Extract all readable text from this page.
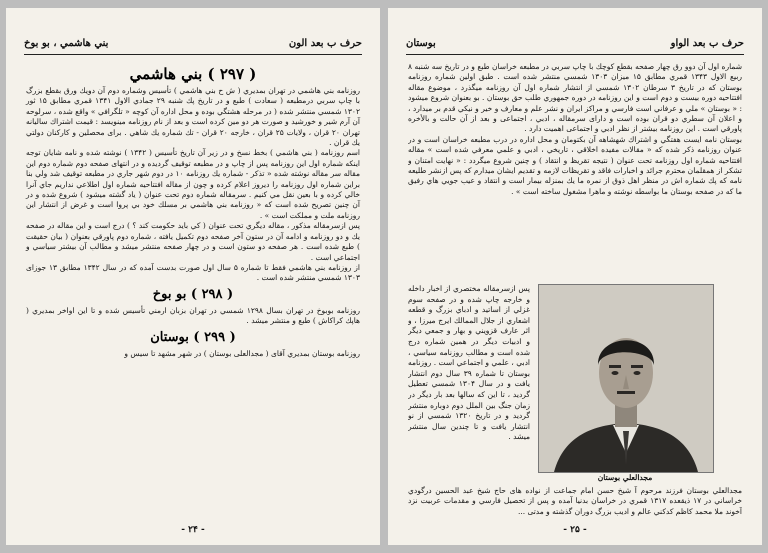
حرف ب بعد الون
بني هاشمي ، بو بوخ
( ۲۹۷ ) بني هاشمي

روزنامه بني هاشمي در تهران بمديري ( ش ح بني هاشمي ) تأسيس وشماره دوم آن دويك ورق بقطع بزرگ با چاپ سربي درمطبعه ( سعادت ) طبع و در تاريخ پك شنبه ۲۹ جمادي الاول ۱۳۴۱ قمري مطابق ۱۵ ثور ۱۳۰۲ شمسي منتشر شده ( در مرحله هشتگي بوده و محل اداره آن كوچه « تلگرافي » واقع شده ، سرلوحه آن آرم شير و خورشيد و صورت هر دو مين كرده است و بعد از نام روزنامه مينويسد : قيمت اشتراك ساليانه تهران ۲۰ قران ، ولايات ۲۵ قران ، خارجه ۲۰ قران - تك شماره يك شاهي . برای محصلين و كاركنان دولتي يك قران .

اسم روزنامه ( بني هاشمي ) بخط نسخ و در زير آن تاريخ تأسيس ( ۱۳۴۲ ) نوشته شده و نامه شايان توجه اينكه شماره اول اين روزنامه پس از چاپ و در مطبعه توقيف گرديده و در انتهاى صفحه دوم شماره دوم اين مقاله سر مقاله نوشته شده « تذكر - شماره يك روزنامه ۱۰ در دوم شهر جاري در مطبعه توقيف شد ولي بنا براين شماره اول روزنامه را ديروز اعلام كرده و چون از مقاله افتتاحيه شماره اول اطلاعي نداريم جاي آنرا خالي كرده و با بعين نقل مي كنيم . سرمقاله شماره دوم تحت عنوان ( ياد گشته ميشود ) شروع شده و در آن چنين تصريح شده است كه « روزنامه بني هاشمي بر مسلك خود بي پروا است و غرض از انتشار اين روزنامه ملت و مملكت است » .

پس ازسرمقاله مذكور ، مقاله ديگري تحت عنوان ( كي بايد حكومت كند ؟ ) درج است و اين مقاله در صفحه يك و دو روزنامه و ادامه آن در ستون آخر صفحه دوم تكميل يافته ، شماره دوم پاورقي بعنوان ( بيان حقيقت ) طبع شده است . هر صفحه دو ستون است و در چهار صفحه منتشر ميشد و مطالب آن بيشتر سياسي و اجتماعي است .

از روزنامه بني هاشمي فقط تا شماره ۵ سال اول صورت بدست آمده كه در سال ۱۳۴۲ مطابق ۱۳ جوزاى ۱۳۰۳ شمسي منتشر شده است .

( ۲۹۸ ) بو بوخ

روزنامه بوبوخ در تهران بسال ۱۲۹۸ شمسي در تهران بزبان ارمني تأسيس شده و تا اين اواخر بمديري ( هاپك كراكاش ) طبع و منتشر ميشد .

( ۲۹۹ ) بوستان

روزنامه بوستان بمديري آقای ( مجدالعلی بوستان ) در شهر مشهد تا سيس و

- ۲۴ -
حرف ب بعد الواو
بوستان

شماره اول آن دوو رق چهار صفحه بقطع كوچك با چاپ سربي در مطبعه خراسان طبع و در تاريخ سه شنبه ۸ ربيع الاول ۱۳۴۳ قمري مطابق ۱۵ ميزان ۱۳۰۳ شمسي منتشر شده است . طبق اولين شماره روزنامه بوستان كه در تاريخ ۳ سرطان ۱۳۰۲ شمسي از انتشار شماره اول آن روزنامه ميگذرد ، موضوع مقاله افتتاحيه دوره بيست و دوم است و اين روزنامه در دوره جمهوري طلب حق بوستان . بو بعنوان شروع ميشود : « بوستان » ملي و عرفاني است فارسي و مراكز ايران و نشر علم و معارف و خير و نيكي قدم بر ميدارد ، و اعلان آن سطري دو قران بوده است و داراى سرمقاله ، ادبي ، اجتماعى و بعد از آن حالت و بالأخره پاورقي است . اين روزنامه بيشتر از نظر ادبي و اجتماعى اهميت دارد .

بوستان نامه ايست هفتگي و اشتراك شهشاهه آن بكتومان و محل اداره در درب مطبعه خراسان است و در عنوان روزنامه ذكر شده كه « مقالات مفيده اخلاقي ، تاريخي ، ادبي و علمي معرفي شده است » مقاله افتتاحيه شماره اول روزنامه تحت عنوان ( نتيجه تقريظ و انتقاد ) و چنين شروع ميگردد : « نهايت امتنان و تشكر از همقلمان محترم جرائد و اخبارات فاقد و تقريظات لازمه و تقديم ايشان ميدارم كه پس ازنشر طليعه نامه كه پك شماره اش در منظر اهل ذوق از نمره ما يك بمنزله بيمار است و انتقاد و عيب جويي هاي رفيق ما كه در صفحه بوستان ما بواسطه نوشته و ماهرا مشغول ساخته است » .

پس ازسرمقاله مختصري از اخبار داخله و خارجه چاپ شده و در صفحه سوم غزلي از اساتيد و ادباي بزرگ و قطعه اشعاري از جلال الممالك ايرج ميرزا ، و اثر عارف قزويني و بهار و جمعي ديگر و ادبيات ديگر در همين شماره درج شده است و مطالب روزنامه سياسي ، ادبي ، علمي و اجتماعي است . روزنامه بوستان تا شماره ۳۹ سال دوم انتشار يافت و در سال ۱۳۰۴ شمسي تعطيل گرديد ، تا اين كه سالها بعد بار ديگر در زمان جنگ بين الملل دوم دوباره منتشر گرديد و در تاريخ ۱۳۲۰ شمسي از نو انتشار يافت و تا چندين سال منتشر ميشد .
مجدالعلي بوستان

مجدالعلي بوستان فرزند مرحوم آ شيخ حسن امام جماعت از نواده هاى حاج شيخ عبد الحسين درگودي خراساني در ۱۷ ذيقعده ۱۳۱۷ قمري در خراسان بدنيا آمده و پس از تحصيل فارسي و مقدمات عربيت نزد آخوند ملا محمد كاظم كدكني عالم و اديب بزرگ دوران گذشته و مدتى ...

- ۲۵ -
